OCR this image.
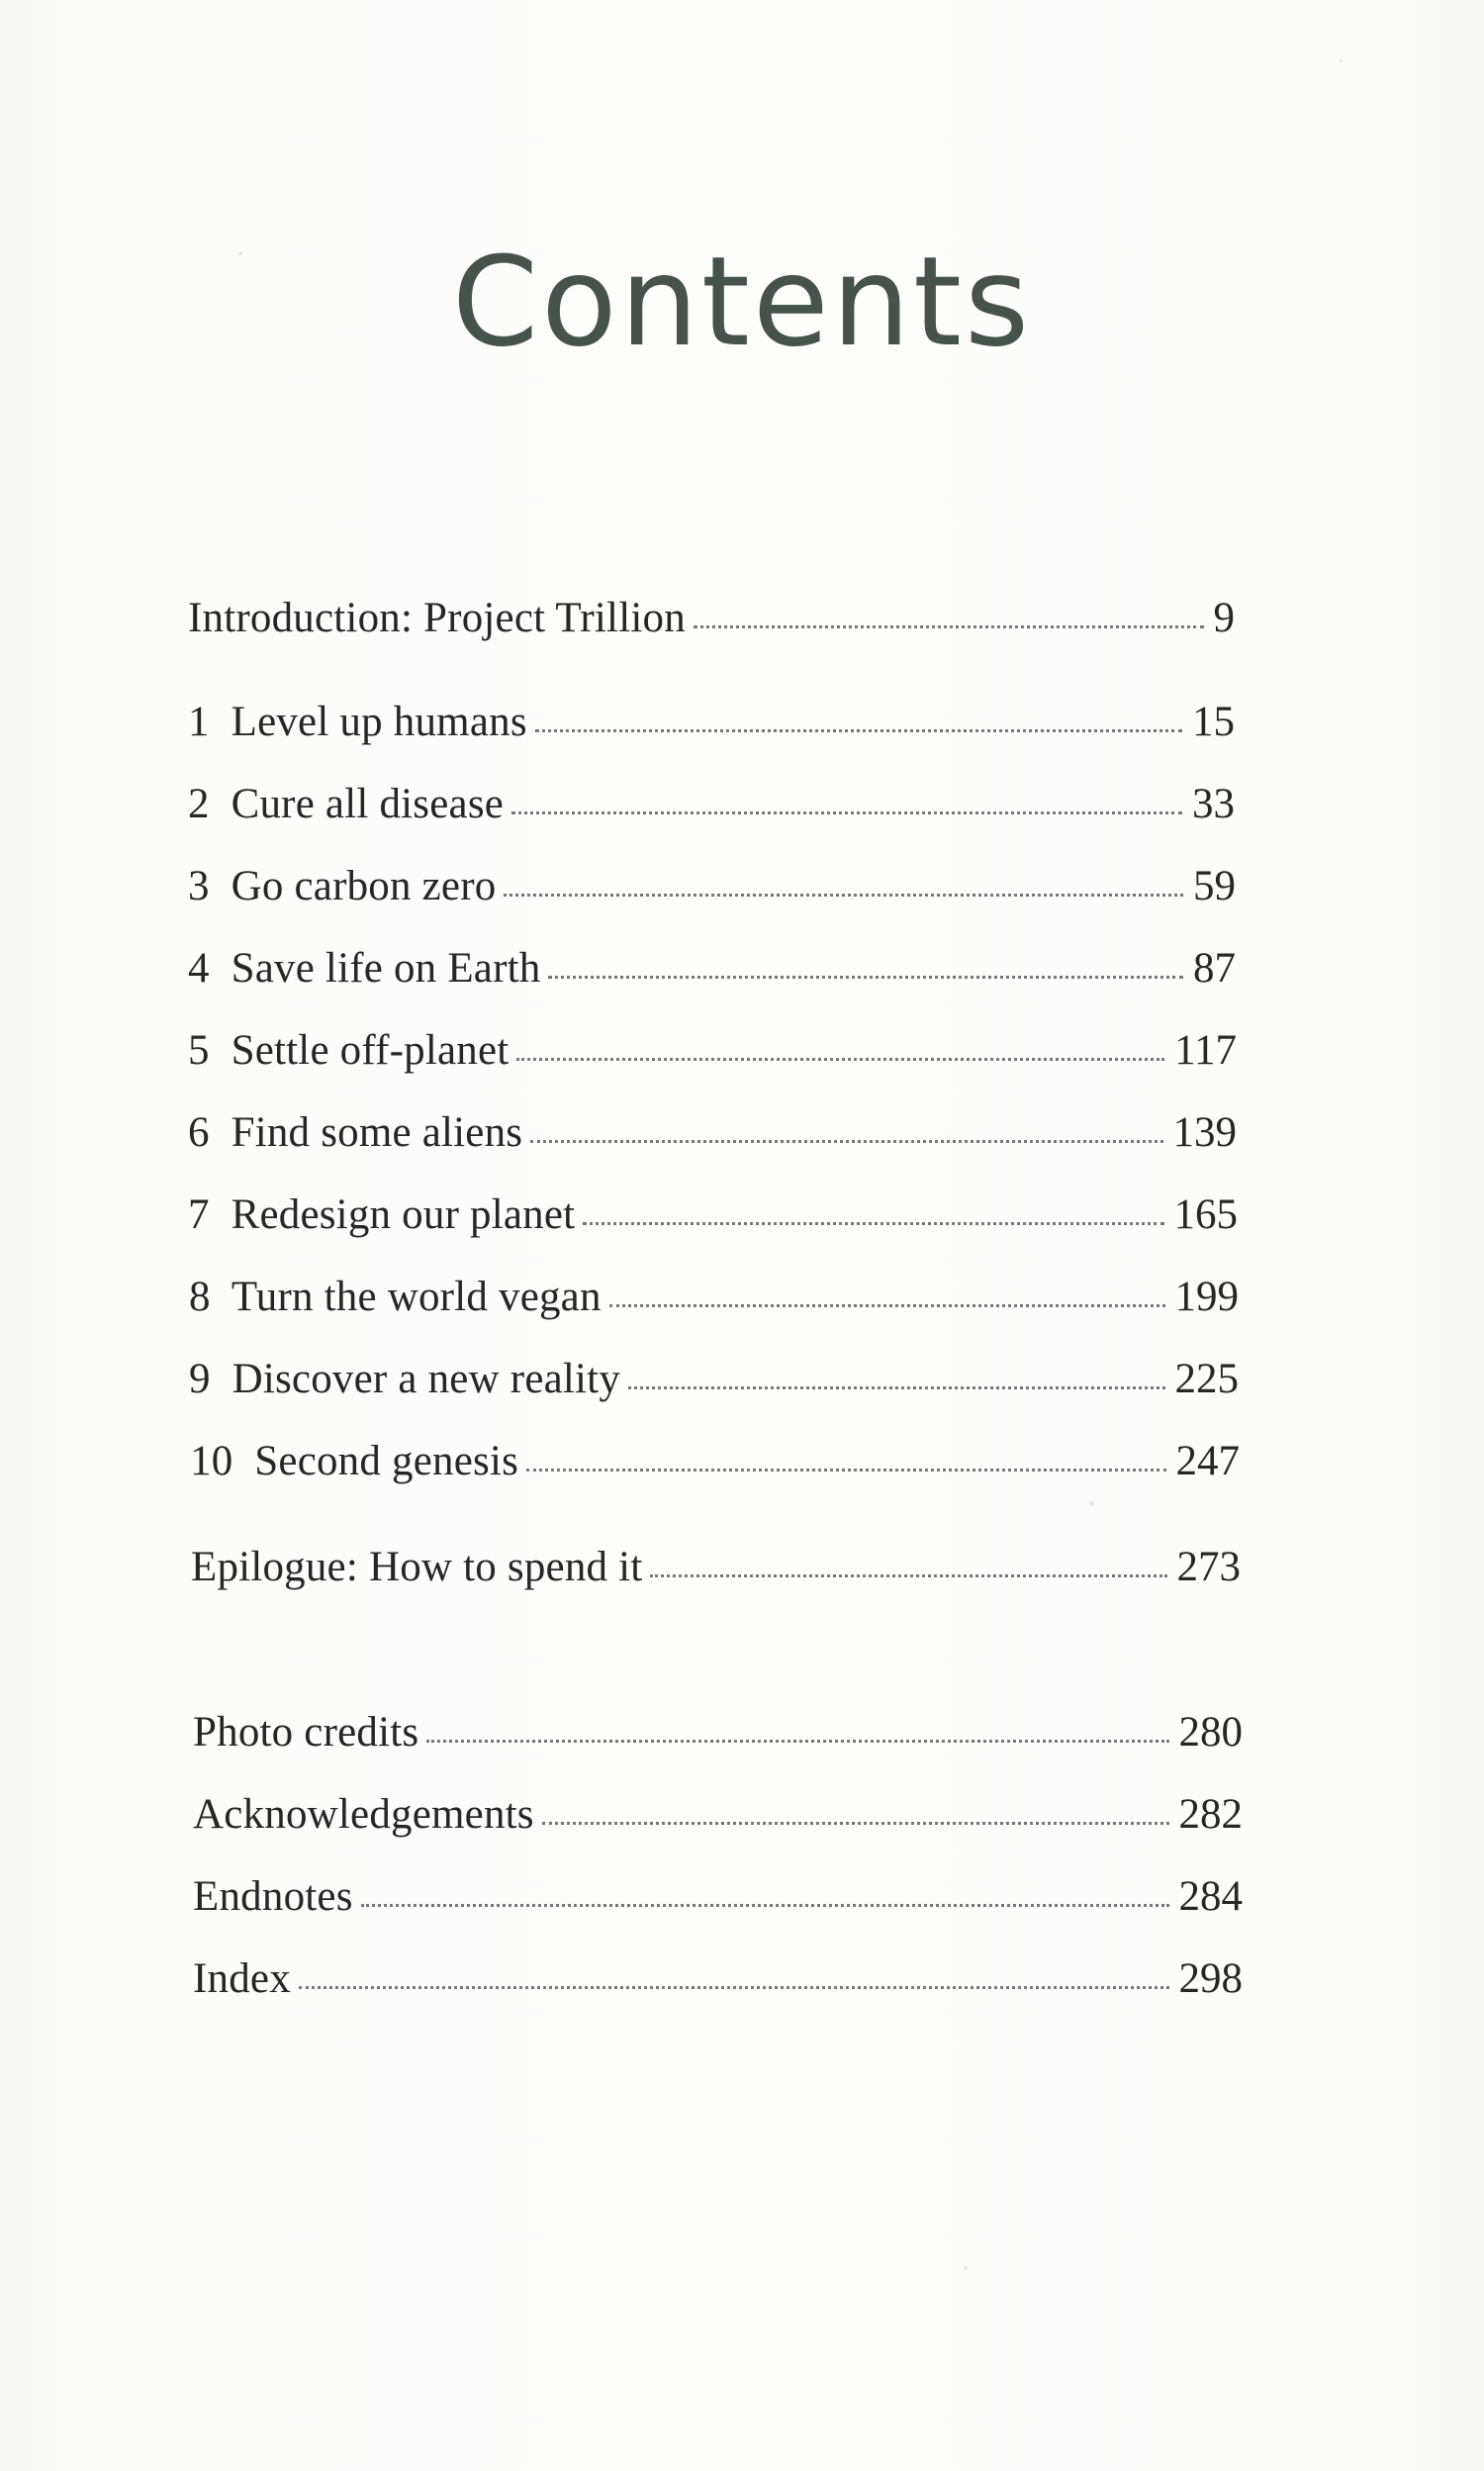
Contents
Introduction: Project Trillion	9
1  Level up humans	15
2  Cure all disease	33
3  Go carbon zero	59
4  Save life on Earth	87
5  Settle off-planet	117
6  Find some aliens	139
7  Redesign our planet	165
8  Turn the world vegan	199
9  Discover a new reality	225
10  Second genesis	247
Epilogue: How to spend it	273
Photo credits	280
Acknowledgements	282
Endnotes	284
Index	298
